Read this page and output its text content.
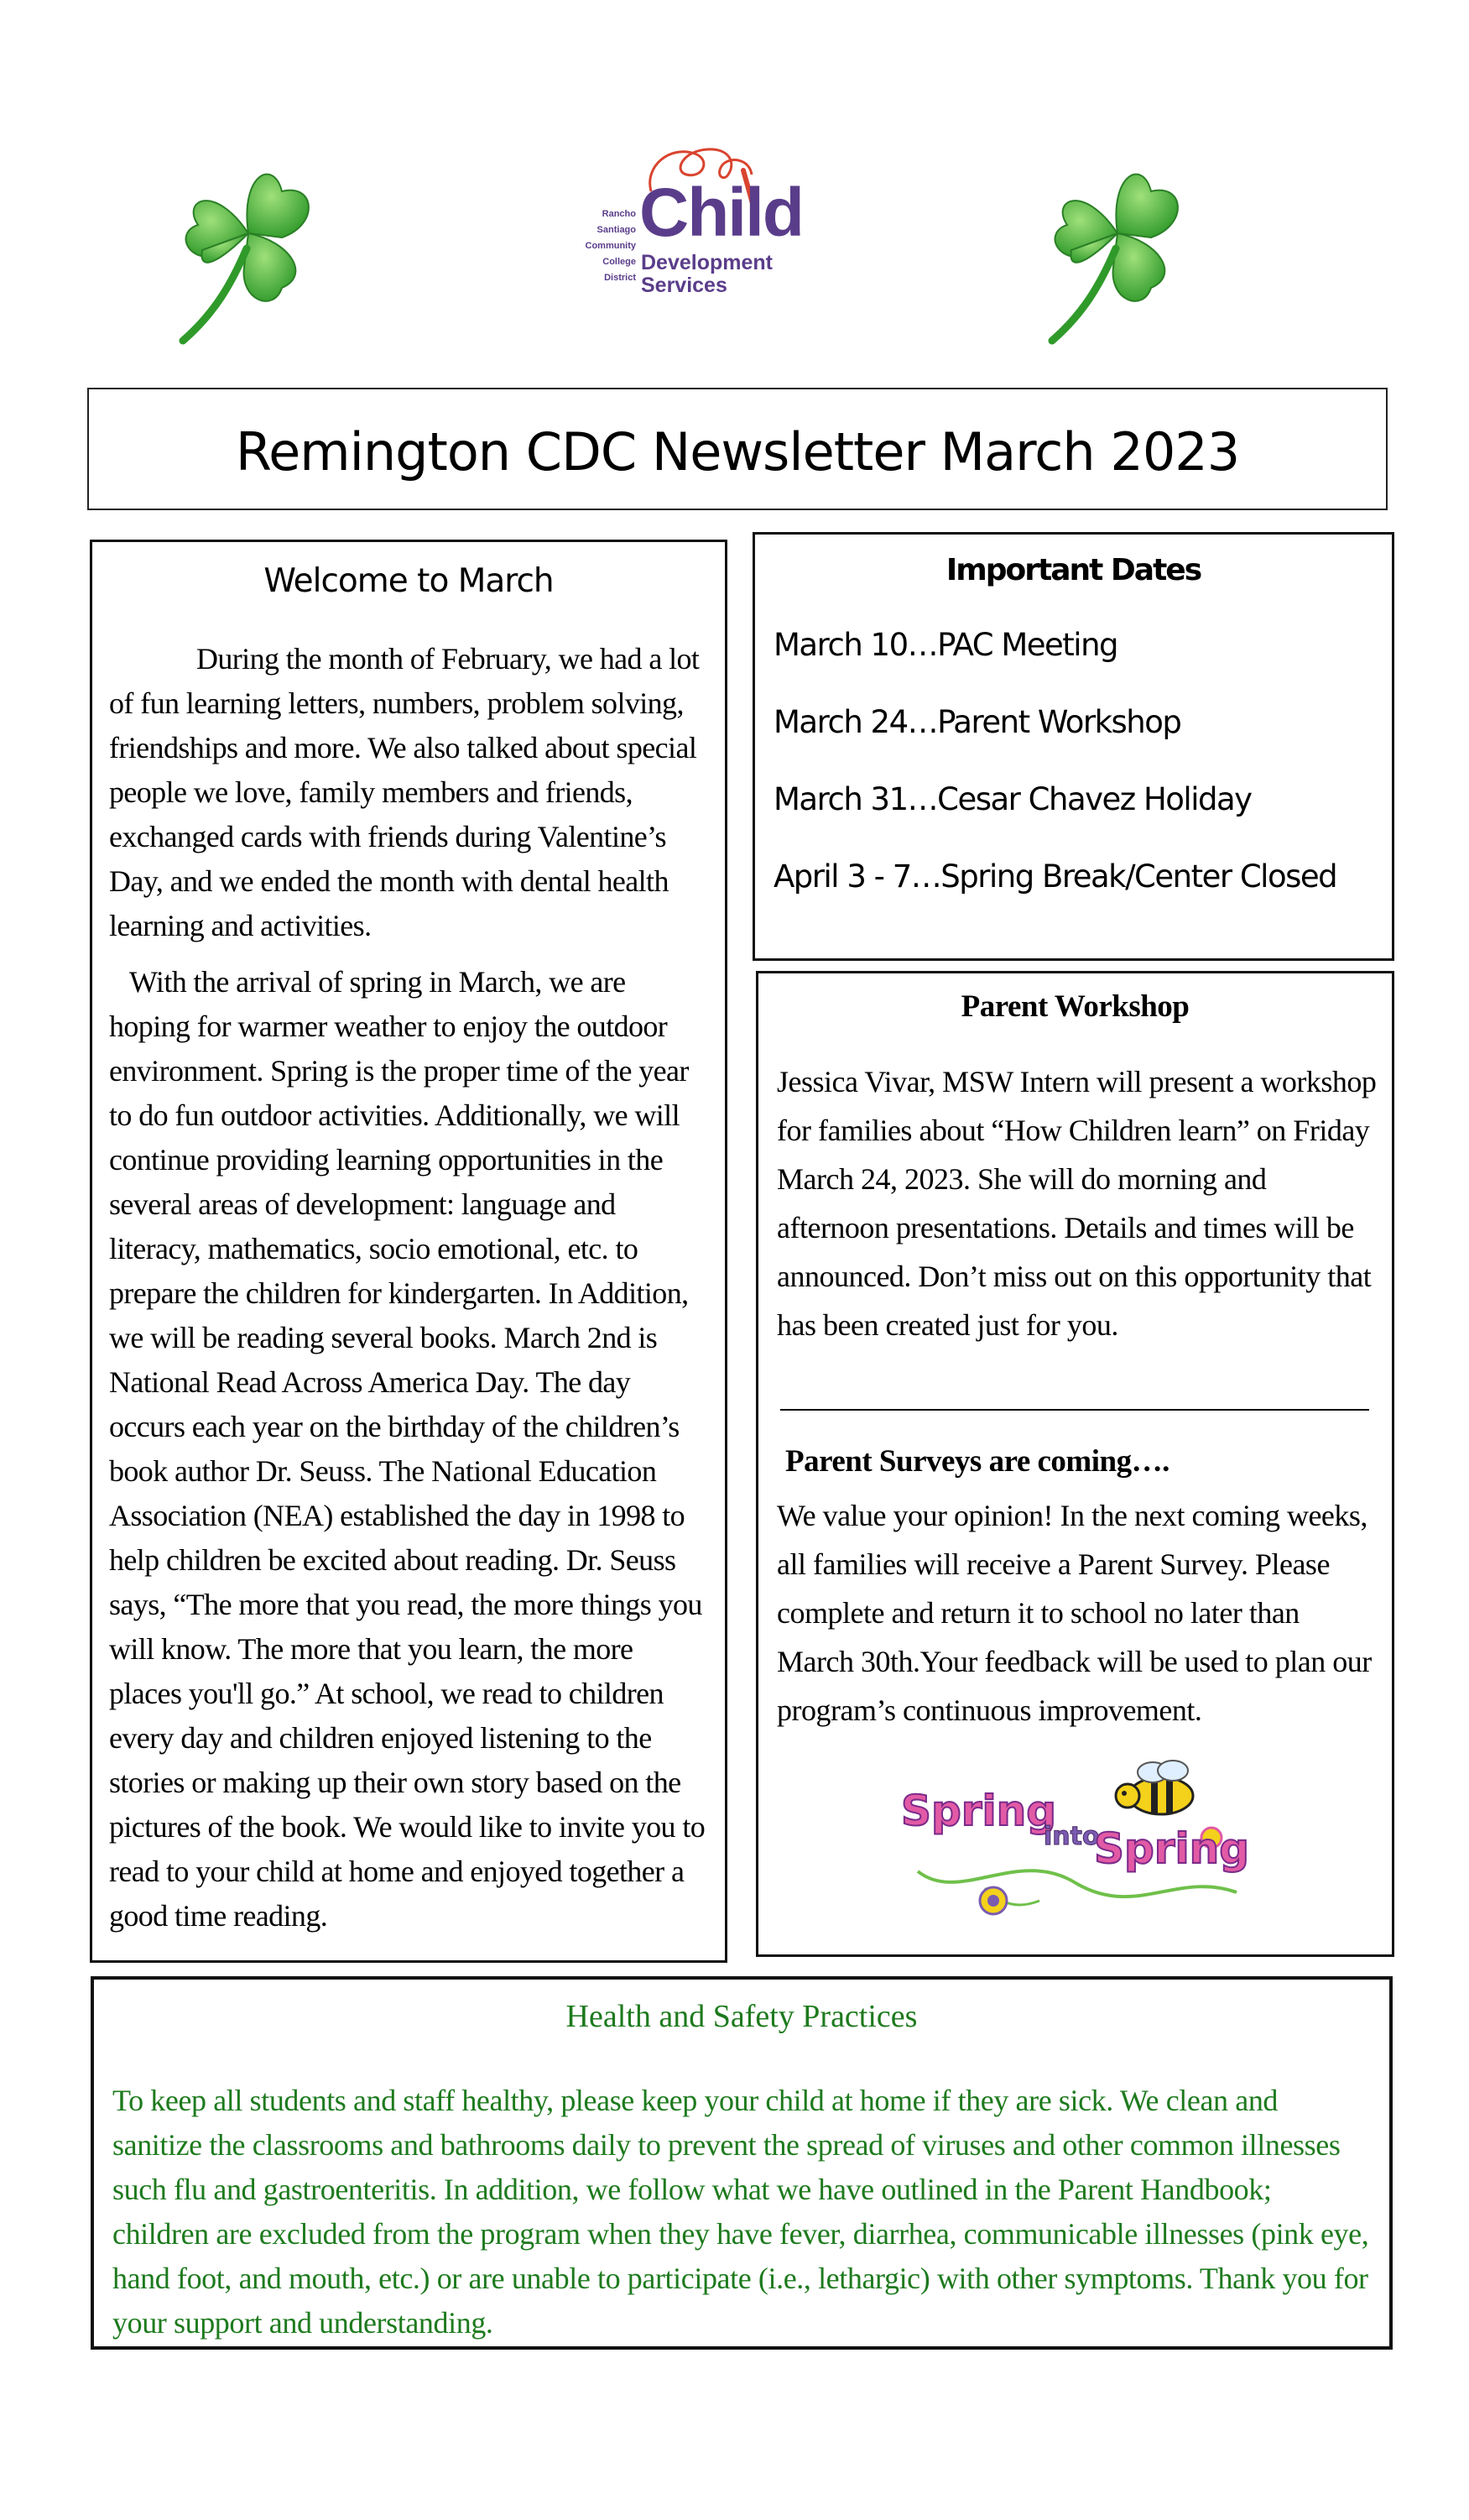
Rancho
Santiago
Community
College
District
Child
Development
Services
Remington CDC Newsletter March 2023
Welcome to March

During the month of February, we had a lot of fun learning letters, numbers, problem solving, friendships and more. We also talked about special people we love, family members and friends, exchanged cards with friends during Valentine’s Day, and we ended the month with dental health learning and activities.

With the arrival of spring in March, we are hoping for warmer weather to enjoy the outdoor environment. Spring is the proper time of the year to do fun outdoor activities. Additionally, we will continue providing learning opportunities in the several areas of development: language and literacy, mathematics, socio emotional, etc. to prepare the children for kindergarten. In Addition, we will be reading several books. March 2nd is National Read Across America Day. The day occurs each year on the birthday of the children’s book author Dr. Seuss. The National Education Association (NEA) established the day in 1998 to help children be excited about reading. Dr. Seuss says, “The more that you read, the more things you will know. The more that you learn, the more places you'll go.” At school, we read to children every day and children enjoyed listening to the stories or making up their own story based on the pictures of the book. We would like to invite you to read to your child at home and enjoyed together a good time reading.

Important Dates
March 10…PAC Meeting
March 24…Parent Workshop
March 31…Cesar Chavez Holiday
April 3 - 7…Spring Break/Center Closed
Parent Workshop
Jessica Vivar, MSW Intern will present a workshop for families about “How Children learn” on Friday March 24, 2023. She will do morning and afternoon presentations. Details and times will be announced. Don’t miss out on this opportunity that has been created just for you.
Parent Surveys are coming….
We value your opinion! In the next coming weeks, all families will receive a Parent Survey. Please complete and return it to school no later than March 30th.Your feedback will be used to plan our program’s continuous improvement.
Spring
into
Spring
Health and Safety Practices
To keep all students and staff healthy, please keep your child at home if they are sick. We clean and sanitize the classrooms and bathrooms daily to prevent the spread of viruses and other common illnesses such flu and gastroenteritis. In addition, we follow what we have outlined in the Parent Handbook; children are excluded from the program when they have fever, diarrhea, communicable illnesses (pink eye, hand foot, and mouth, etc.) or are unable to participate (i.e., lethargic) with other symptoms. Thank you for your support and understanding.
